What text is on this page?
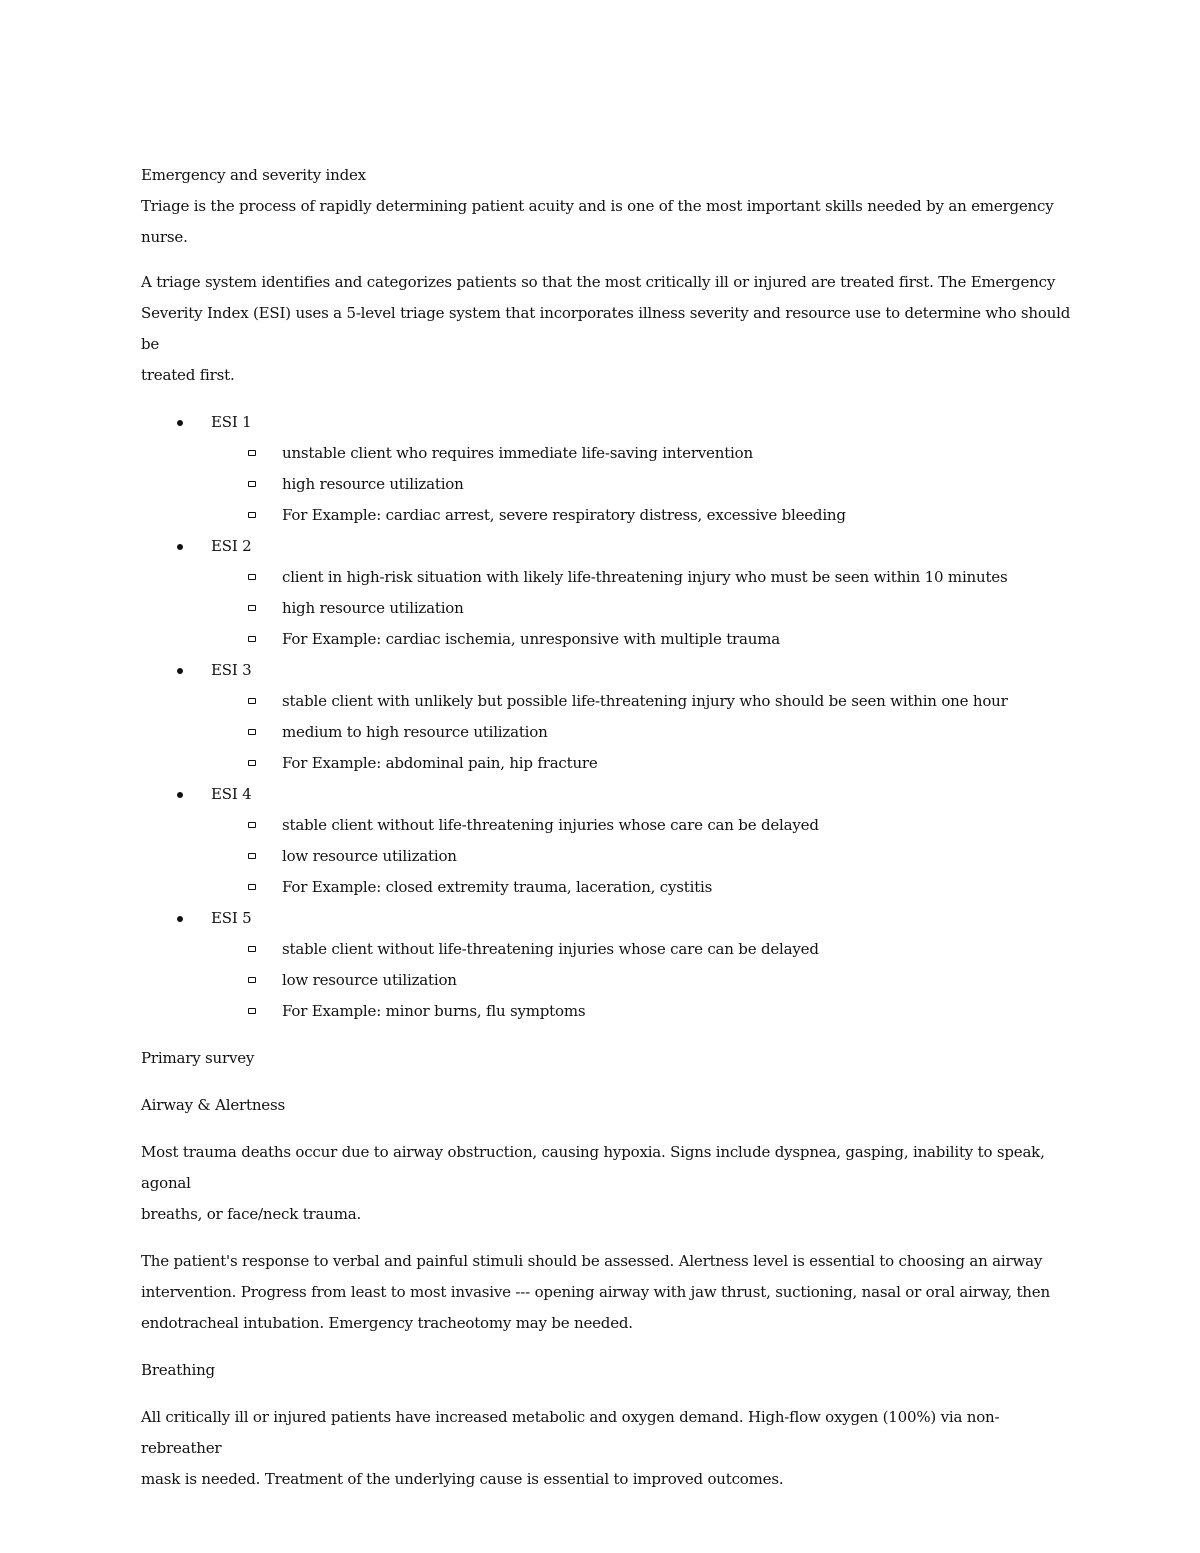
Emergency and severity index

Triage is the process of rapidly determining patient acuity and is one of the most important skills needed by an emergency nurse.

A triage system identifies and categorizes patients so that the most critically ill or injured are treated first. The Emergency

Severity Index (ESI) uses a 5-level triage system that incorporates illness severity and resource use to determine who should be

treated first.

ESI 1
unstable client who requires immediate life-saving intervention
high resource utilization
For Example: cardiac arrest, severe respiratory distress, excessive bleeding
ESI 2
client in high-risk situation with likely life-threatening injury who must be seen within 10 minutes
high resource utilization
For Example: cardiac ischemia, unresponsive with multiple trauma
ESI 3
stable client with unlikely but possible life-threatening injury who should be seen within one hour
medium to high resource utilization
For Example: abdominal pain, hip fracture
ESI 4
stable client without life-threatening injuries whose care can be delayed
low resource utilization
For Example: closed extremity trauma, laceration, cystitis
ESI 5
stable client without life-threatening injuries whose care can be delayed
low resource utilization
For Example: minor burns, flu symptoms

Primary survey

Airway & Alertness

Most trauma deaths occur due to airway obstruction, causing hypoxia. Signs include dyspnea, gasping, inability to speak, agonal

breaths, or face/neck trauma.

The patient's response to verbal and painful stimuli should be assessed. Alertness level is essential to choosing an airway

intervention. Progress from least to most invasive --- opening airway with jaw thrust, suctioning, nasal or oral airway, then

endotracheal intubation. Emergency tracheotomy may be needed.

Breathing

All critically ill or injured patients have increased metabolic and oxygen demand. High-flow oxygen (100%) via non-rebreather

mask is needed. Treatment of the underlying cause is essential to improved outcomes.
